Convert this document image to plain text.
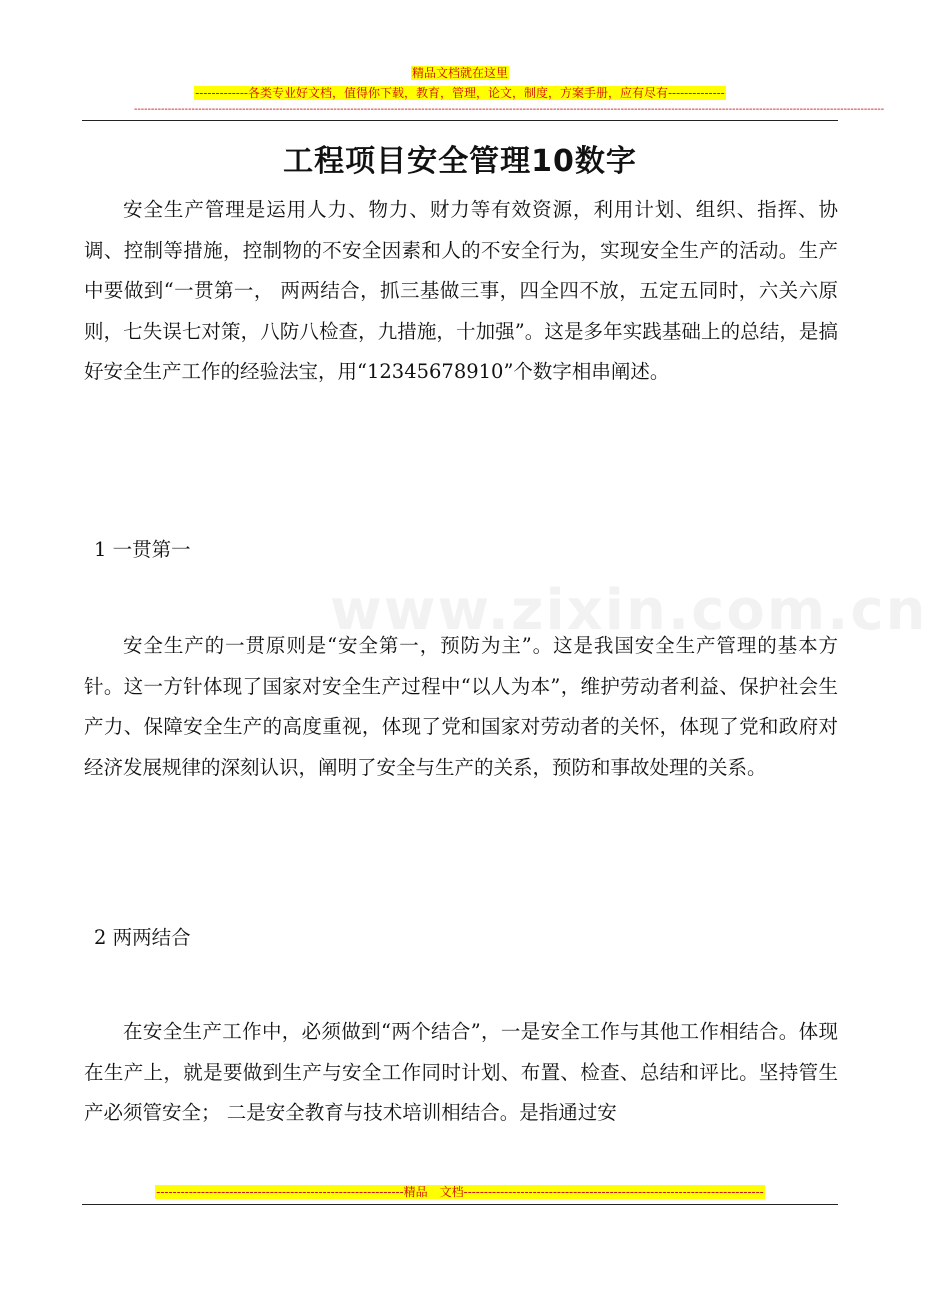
精品文档就在这里
-------------各类专业好文档，值得你下载，教育，管理，论文，制度，方案手册，应有尽有--------------
------------------------------------------------------------------------------------------------------------------------------------------------------------------------------------------------------------------------------
www.zixin.com.cn
工程项目安全管理10数字

安全生产管理是运用人力、物力、财力等有效资源，利用计划、组织、指挥、协调、控制等措施，控制物的不安全因素和人的不安全行为，实现安全生产的活动。生产中要做到“一贯第一， 两两结合，抓三基做三事，四全四不放，五定五同时，六关六原则，七失误七对策，八防八检查，九措施，十加强”。这是多年实践基础上的总结，是搞好安全生产工作的经验法宝，用“12345678910”个数字相串阐述。

1 一贯第一

安全生产的一贯原则是“安全第一，预防为主”。这是我国安全生产管理的基本方针。这一方针体现了国家对安全生产过程中“以人为本”，维护劳动者利益、保护社会生产力、保障安全生产的高度重视，体现了党和国家对劳动者的关怀，体现了党和政府对经济发展规律的深刻认识，阐明了安全与生产的关系，预防和事故处理的关系。

2 两两结合

在安全生产工作中，必须做到“两个结合”，一是安全工作与其他工作相结合。体现在生产上，就是要做到生产与安全工作同时计划、布置、检查、总结和评比。坚持管生产必须管安全； 二是安全教育与技术培训相结合。是指通过安

-------------------------------------------------------------精品　文档--------------------------------------------------------------------------
